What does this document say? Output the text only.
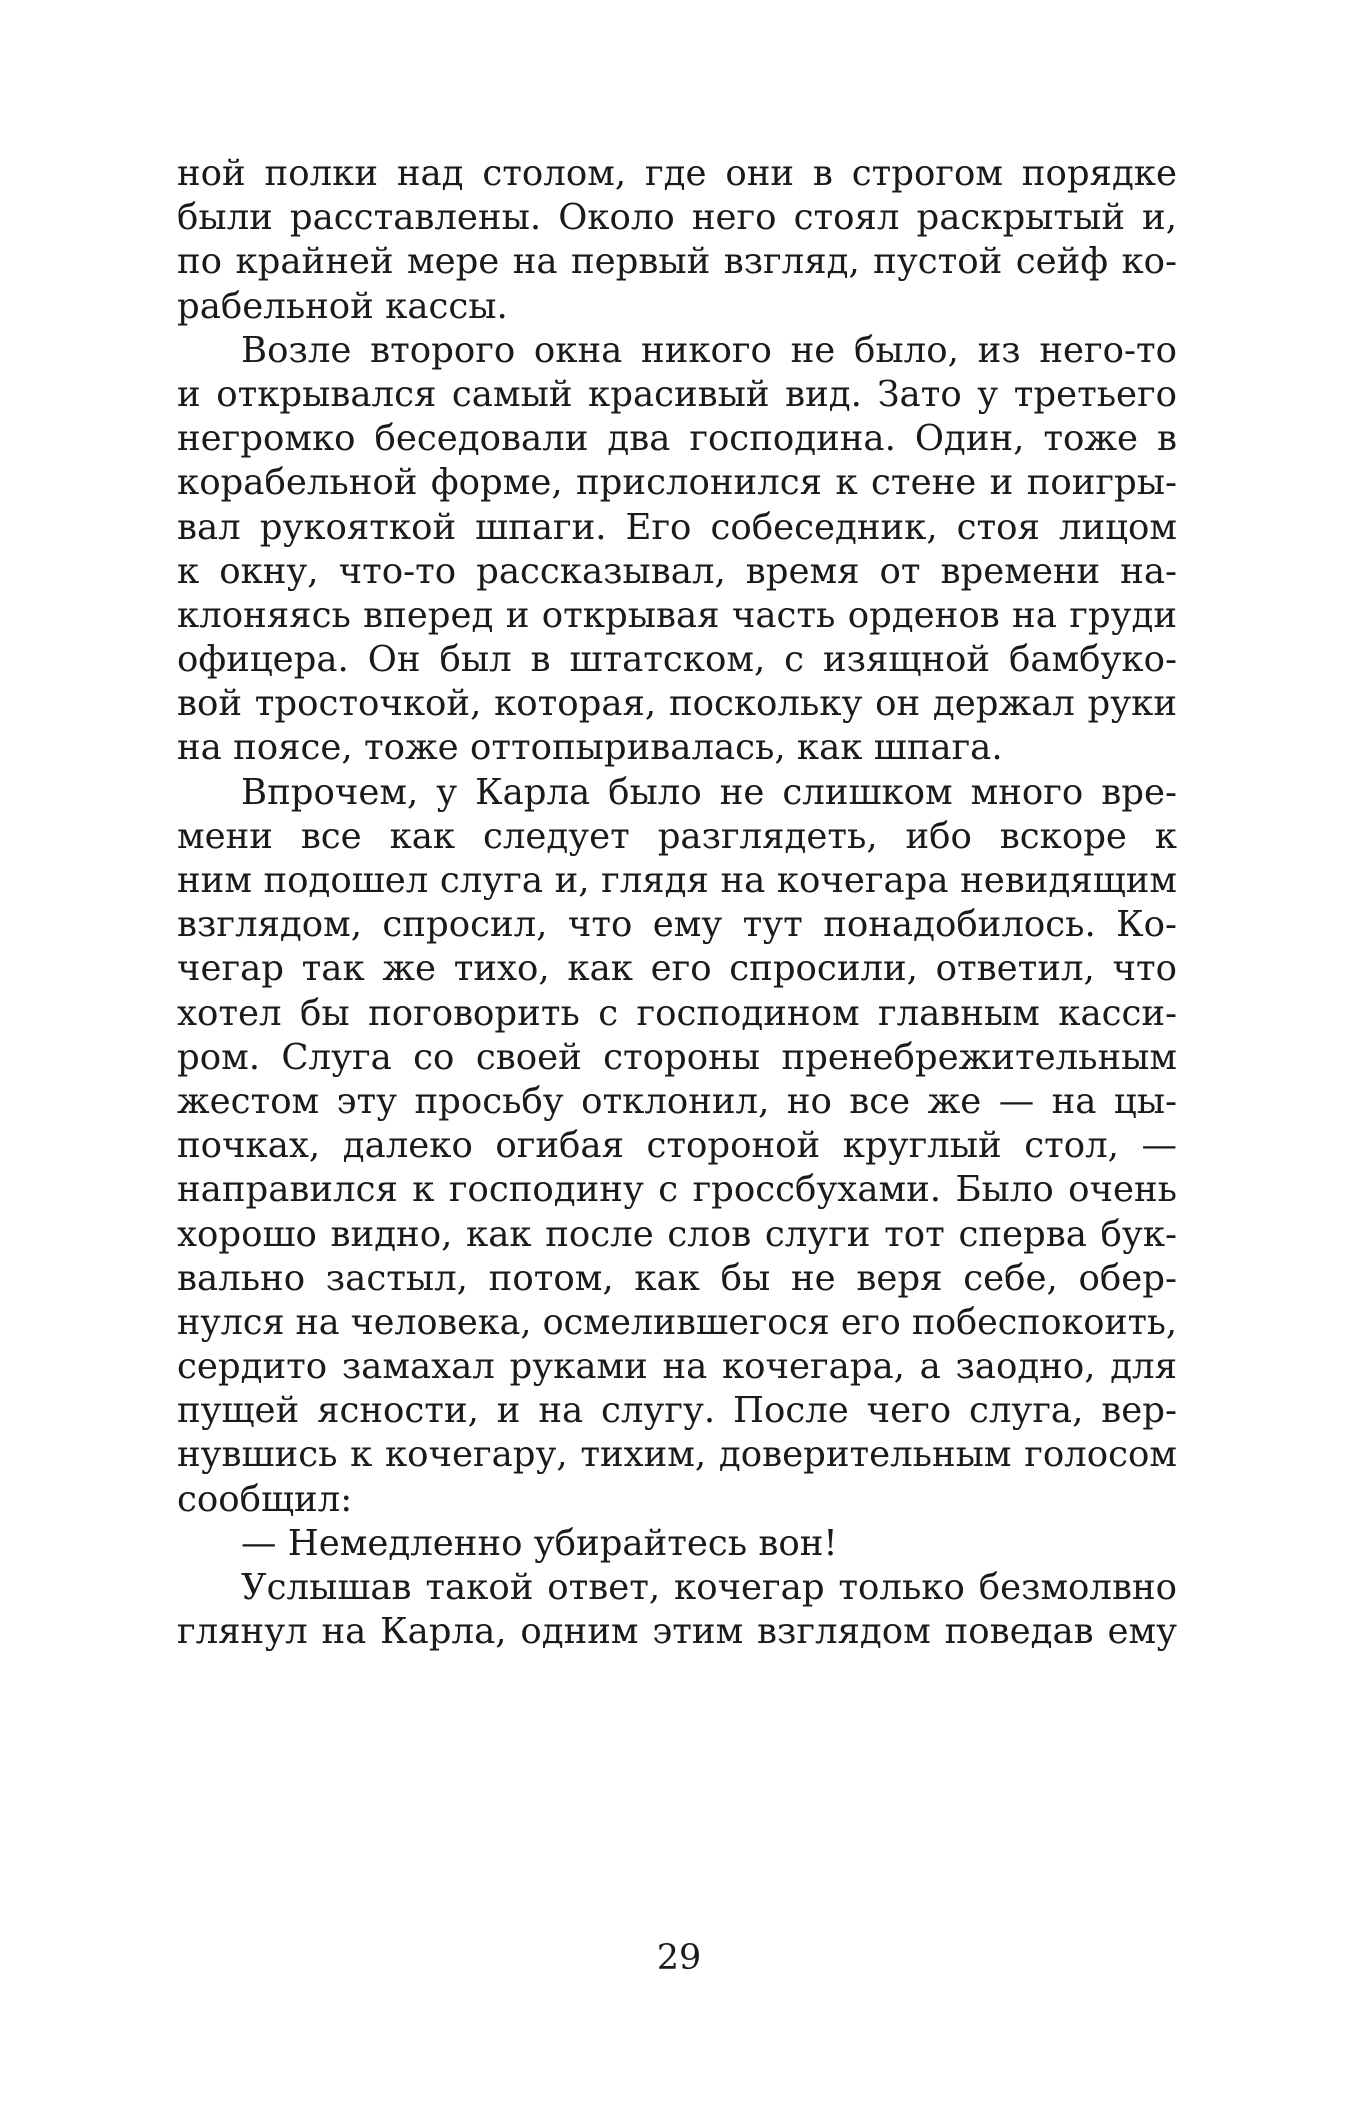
ной полки над столом, где они в строгом порядке
были расставлены. Около него стоял раскрытый и,
по крайней мере на первый взгляд, пустой сейф ко-
рабельной кассы.
Возле второго окна никого не было, из него-то
и открывался самый красивый вид. Зато у третьего
негромко беседовали два господина. Один, тоже в
корабельной форме, прислонился к стене и поигры-
вал рукояткой шпаги. Его собеседник, стоя лицом
к окну, что-то рассказывал, время от времени на-
клоняясь вперед и открывая часть орденов на груди
офицера. Он был в штатском, с изящной бамбуко-
вой тросточкой, которая, поскольку он держал руки
на поясе, тоже оттопыривалась, как шпага.
Впрочем, у Карла было не слишком много вре-
мени все как следует разглядеть, ибо вскоре к
ним подошел слуга и, глядя на кочегара невидящим
взглядом, спросил, что ему тут понадобилось. Ко-
чегар так же тихо, как его спросили, ответил, что
хотел бы поговорить с господином главным касси-
ром. Слуга со своей стороны пренебрежительным
жестом эту просьбу отклонил, но все же — на цы-
почках, далеко огибая стороной круглый стол, —
направился к господину с гроссбухами. Было очень
хорошо видно, как после слов слуги тот сперва бук-
вально застыл, потом, как бы не веря себе, обер-
нулся на человека, осмелившегося его побеспокоить,
сердито замахал руками на кочегара, а заодно, для
пущей ясности, и на слугу. После чего слуга, вер-
нувшись к кочегару, тихим, доверительным голосом
сообщил:
— Немедленно убирайтесь вон!
Услышав такой ответ, кочегар только безмолвно
глянул на Карла, одним этим взглядом поведав ему
29
